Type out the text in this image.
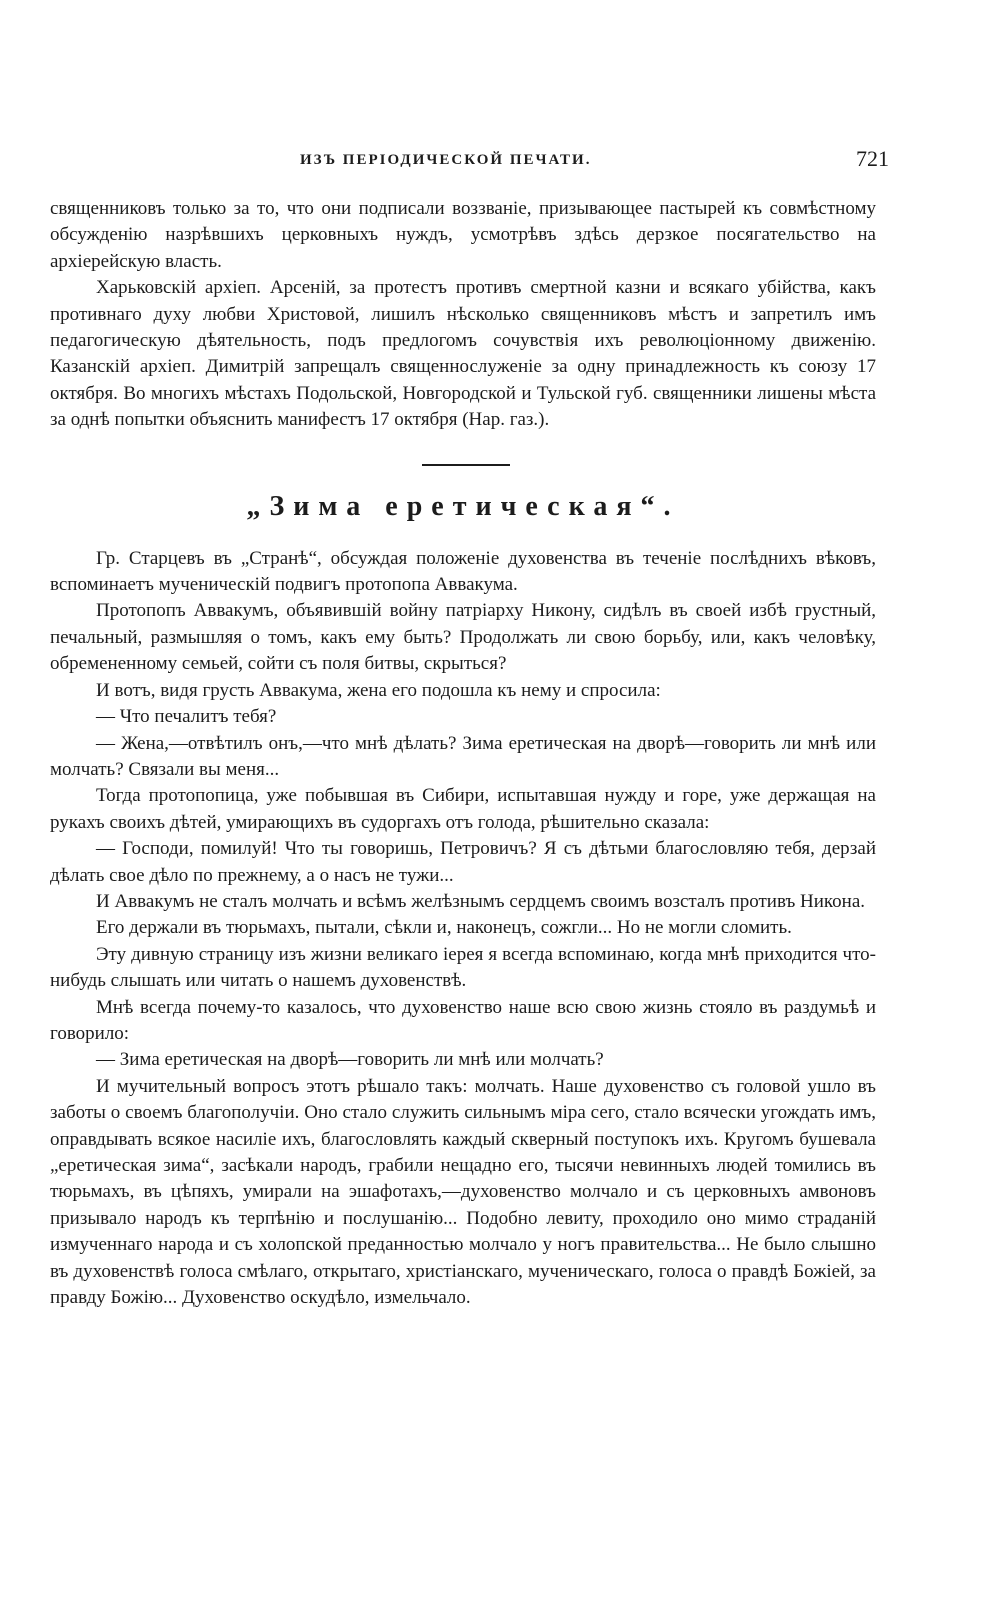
ИЗЪ ПЕРІОДИЧЕСКОЙ ПЕЧАТИ.	721

священниковъ только за то, что они подписали воззваніе, призывающее пастырей къ совмѣстному обсужденію назрѣвшихъ церковныхъ нуждъ, усмотрѣвъ здѣсь дерзкое посягательство на архіерейскую власть.

Харьковскій архіеп. Арсеній, за протестъ противъ смертной казни и всякаго убійства, какъ противнаго духу любви Христовой, лишилъ нѣсколько священниковъ мѣстъ и запретилъ имъ педагогическую дѣятельность, подъ предлогомъ сочувствія ихъ революціонному движенію. Казанскій архіеп. Димитрій запрещалъ священнослуженіе за одну принадлежность къ союзу 17 октября. Во многихъ мѣстахъ Подольской, Новгородской и Тульской губ. священники лишены мѣста за однѣ попытки объяснить манифестъ 17 октября (Нар. газ.).

„Зима еретическая“.

Гр. Старцевъ въ „Странѣ“, обсуждая положеніе духовенства въ теченіе послѣднихъ вѣковъ, вспоминаетъ мученическій подвигъ протопопа Аввакума.

Протопопъ Аввакумъ, объявившій войну патріарху Никону, сидѣлъ въ своей избѣ грустный, печальный, размышляя о томъ, какъ ему быть? Продолжать ли свою борьбу, или, какъ человѣку, обремененному семьей, сойти съ поля битвы, скрыться?

И вотъ, видя грусть Аввакума, жена его подошла къ нему и спросила:

— Что печалитъ тебя?

— Жена,—отвѣтилъ онъ,—что мнѣ дѣлать? Зима еретическая на дворѣ—говорить ли мнѣ или молчать? Связали вы меня...

Тогда протопопица, уже побывшая въ Сибири, испытавшая нужду и горе, уже держащая на рукахъ своихъ дѣтей, умирающихъ въ судоргахъ отъ голода, рѣшительно сказала:

— Господи, помилуй! Что ты говоришь, Петровичъ? Я съ дѣтьми благословляю тебя, дерзай дѣлать свое дѣло по прежнему, а о насъ не тужи...

И Аввакумъ не сталъ молчать и всѣмъ желѣзнымъ сердцемъ своимъ возсталъ противъ Никона.

Его держали въ тюрьмахъ, пытали, сѣкли и, наконецъ, сожгли... Но не могли сломить.

Эту дивную страницу изъ жизни великаго іерея я всегда вспоминаю, когда мнѣ приходится что-нибудь слышать или читать о нашемъ духовенствѣ.

Мнѣ всегда почему-то казалось, что духовенство наше всю свою жизнь стояло въ раздумьѣ и говорило:

— Зима еретическая на дворѣ—говорить ли мнѣ или молчать?

И мучительный вопросъ этотъ рѣшало такъ: молчать. Наше духовенство съ головой ушло въ заботы о своемъ благополучіи. Оно стало служить сильнымъ міра сего, стало всячески угождать имъ, оправдывать всякое насиліе ихъ, благословлять каждый скверный поступокъ ихъ. Кругомъ бушевала „еретическая зима“, засѣкали народъ, грабили нещадно его, тысячи невинныхъ людей томились въ тюрьмахъ, въ цѣпяхъ, умирали на эшафотахъ,—духовенство молчало и съ церковныхъ амвоновъ призывало народъ къ терпѣнію и послушанію... Подобно левиту, проходило оно мимо страданій измученнаго народа и съ холопской преданностью молчало у ногъ правительства... Не было слышно въ духовенствѣ голоса смѣлаго, открытаго, христіанскаго, мученическаго, голоса о правдѣ Божіей, за правду Божію... Духовенство оскудѣло, измельчало.
